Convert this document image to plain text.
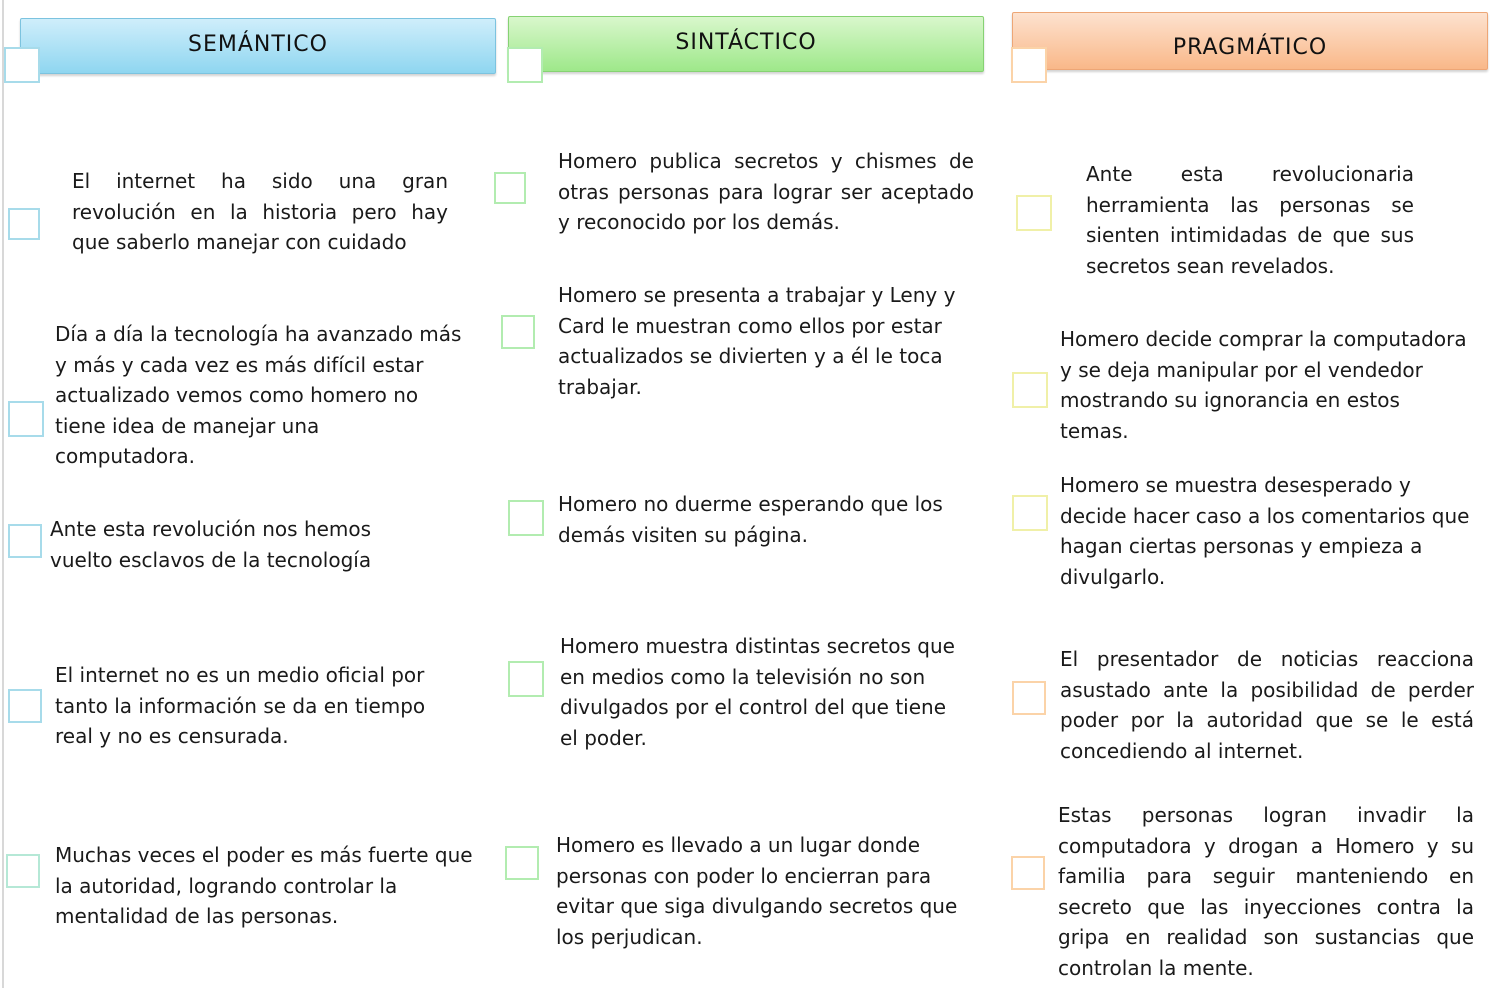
SEMÁNTICO	SINTÁCTICO	PRAGMÁTICO
El internet ha sido una gran revolución en la historia pero hay que saberlo manejar con cuidado
Día a día la tecnología ha avanzado más y más y cada vez es más difícil estar actualizado vemos como homero no tiene idea de manejar una computadora.
Ante esta revolución nos hemos vuelto esclavos de la tecnología
El internet no es un medio oficial por tanto la información se da en tiempo real y no es censurada.
Muchas veces el poder es más fuerte que la autoridad, logrando controlar la mentalidad de las personas.
Homero publica secretos y chismes de otras personas para lograr ser aceptado y reconocido por los demás.
Homero se presenta a trabajar y Leny y Card le muestran como ellos por estar actualizados se divierten y a él le toca trabajar.
Homero no duerme esperando que los demás visiten su página.
Homero muestra distintas secretos que en medios como la televisión no son divulgados por el control del que tiene el poder.
Homero es llevado a un lugar donde personas con poder lo encierran para evitar que siga divulgando secretos que los perjudican.
Ante esta revolucionaria herramienta las personas se sienten intimidadas de que sus secretos sean revelados.
Homero decide comprar la computadora y se deja manipular por el vendedor mostrando su ignorancia en estos temas.
Homero se muestra desesperado y decide hacer caso a los comentarios que hagan ciertas personas y empieza a divulgarlo.
El presentador de noticias reacciona asustado ante la posibilidad de perder poder por la autoridad que se le está concediendo al internet.
Estas personas logran invadir la computadora y drogan a Homero y su familia para seguir manteniendo en secreto que las inyecciones contra la gripa en realidad son sustancias que controlan la mente.
